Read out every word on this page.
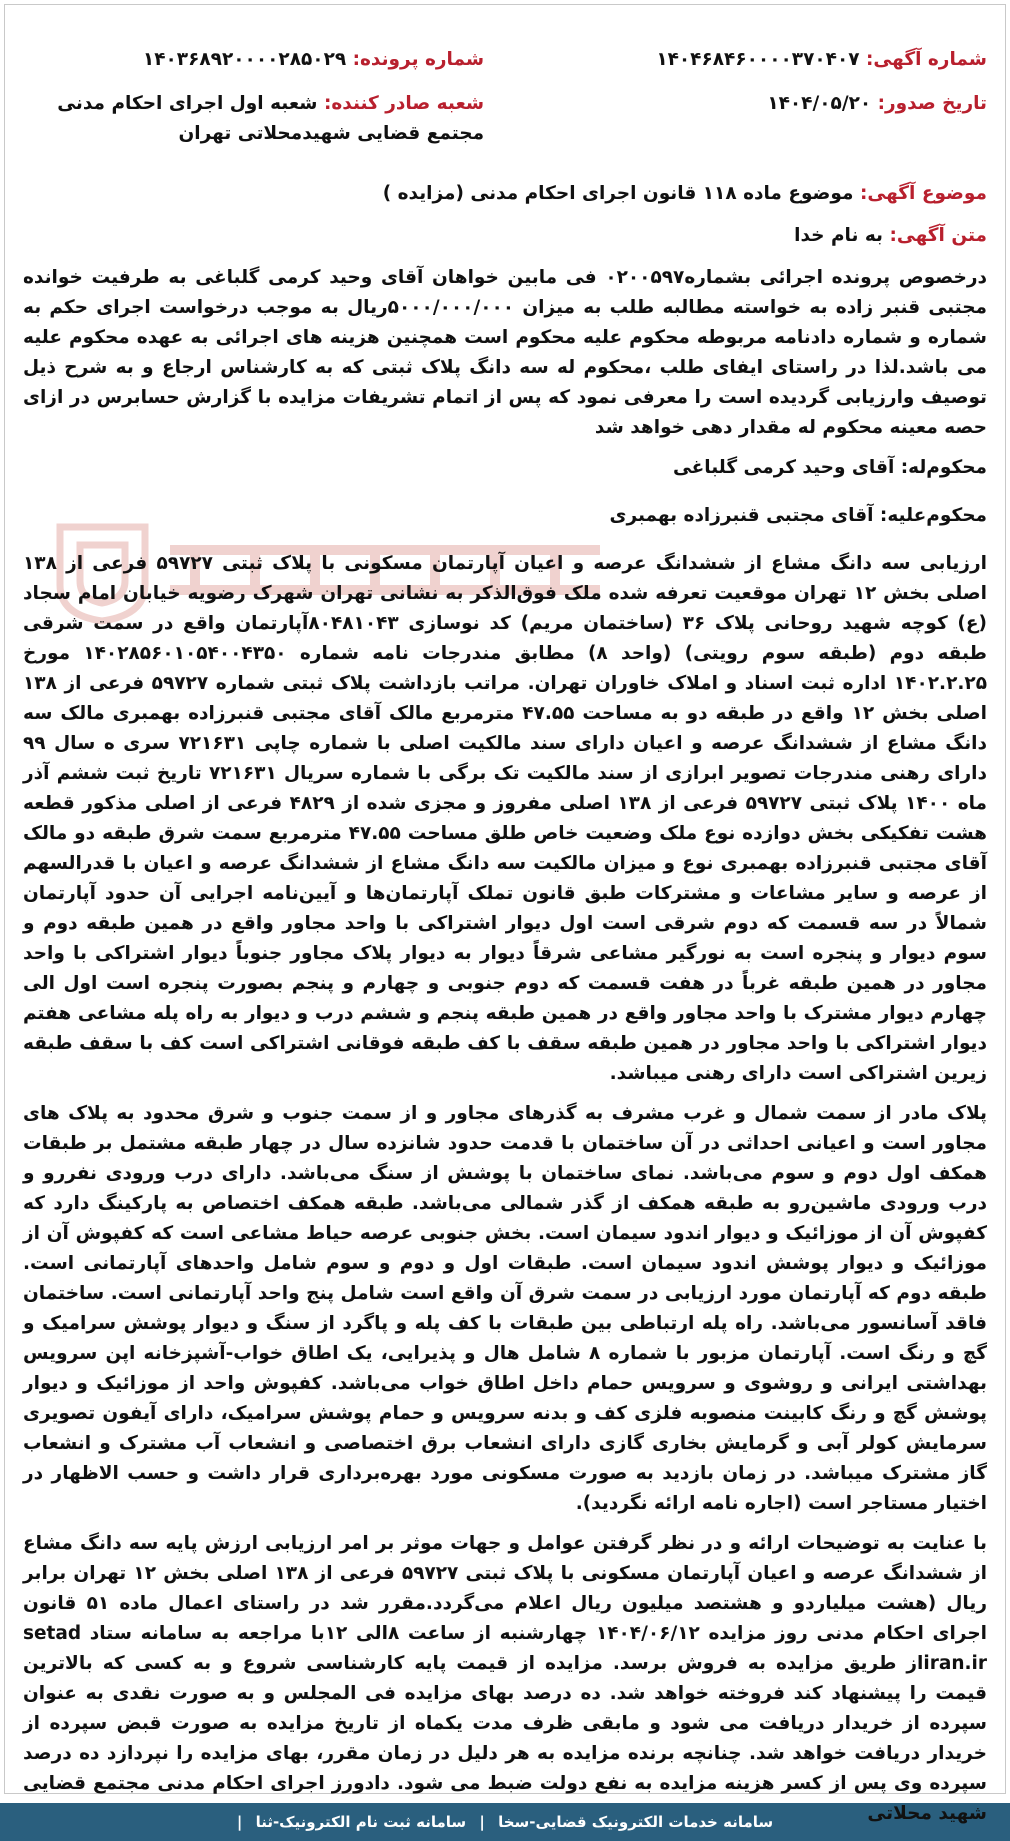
شماره آگهی: ۱۴۰۴۶۸۴۶۰۰۰۰۳۷۰۴۰۷
تاریخ صدور: ۱۴۰۴/۰۵/۲۰
شماره پرونده: ۱۴۰۳۶۸۹۲۰۰۰۰۲۸۵۰۲۹
شعبه صادر کننده: شعبه اول اجرای احکام مدنی مجتمع قضایی شهیدمحلاتی تهران
موضوع آگهی: موضوع ماده ۱۱۸ قانون اجرای احکام مدنی (مزایده )
متن آگهی: به نام خدا

درخصوص پرونده اجرائی بشماره۰۲۰۰۵۹۷ فی مابین خواهان آقای وحید کرمی گلباغی به طرفیت خوانده مجتبی قنبر زاده به خواسته مطالبه طلب به میزان ۵۰۰۰/۰۰۰/۰۰۰ریال به موجب درخواست اجرای حکم به شماره و شماره دادنامه مربوطه محکوم علیه محکوم است همچنین هزینه های اجرائی به عهده محکوم علیه می باشد.لذا در راستای ایفای طلب ،محکوم له سه دانگ پلاک ثبتی که به کارشناس ارجاع و به شرح ذیل توصیف وارزیابی گردیده است را معرفی نمود که پس از اتمام تشریفات مزایده با گزارش حسابرس در ازای حصه معینه محکوم له مقدار دهی خواهد شد

محکوم‌له: آقای وحید کرمی گلباغی
محکوم‌علیه: آقای مجتبی قنبرزاده بهمبری

ارزیابی سه دانگ مشاع از ششدانگ عرصه و اعیان آپارتمان مسکونی با پلاک ثبتی ۵۹۷۲۷ فرعی از ۱۳۸ اصلی بخش ۱۲ تهران موقعیت تعرفه شده ملک فوق‌الذکر به نشانی تهران شهرک رضویه خیابان امام سجاد (ع) کوچه شهید روحانی پلاک ۳۶ (ساختمان مریم) کد نوسازی ۸۰۴۸۱۰۴۳آپارتمان واقع در سمت شرقی طبقه دوم (طبقه سوم رویتی) (واحد ۸) مطابق مندرجات نامه شماره ۱۴۰۲۸۵۶۰۱۰۵۴۰۰۴۳۵۰ مورخ ۱۴۰۲.۲.۲۵ اداره ثبت اسناد و املاک خاوران تهران. مراتب بازداشت پلاک ثبتی شماره ۵۹۷۲۷ فرعی از ۱۳۸ اصلی بخش ۱۲ واقع در طبقه دو به مساحت ۴۷.۵۵ مترمربع مالک آقای مجتبی قنبرزاده بهمبری مالک سه دانگ مشاع از ششدانگ عرصه و اعیان دارای سند مالکیت اصلی با شماره چاپی ۷۲۱۶۳۱ سری ه سال ۹۹ دارای رهنی مندرجات تصویر ابرازی از سند مالکیت تک برگی با شماره سریال ۷۲۱۶۳۱ تاریخ ثبت ششم آذر ماه ۱۴۰۰ پلاک ثبتی ۵۹۷۲۷ فرعی از ۱۳۸ اصلی مفروز و مجزی شده از ۴۸۲۹ فرعی از اصلی مذکور قطعه هشت تفکیکی بخش دوازده نوع ملک وضعیت خاص طلق مساحت ۴۷.۵۵ مترمربع سمت شرق طبقه دو مالک آقای مجتبی قنبرزاده بهمبری نوع و میزان مالکیت سه دانگ مشاع از ششدانگ عرصه و اعیان با قدرالسهم از عرصه و سایر مشاعات و مشترکات طبق قانون تملک آپارتمان‌ها و آیین‌نامه اجرایی آن حدود آپارتمان شمالاً در سه قسمت که دوم شرقی است اول دیوار اشتراکی با واحد مجاور واقع در همین طبقه دوم و سوم دیوار و پنجره است به نورگیر مشاعی شرقاً دیوار به دیوار پلاک مجاور جنوباً دیوار اشتراکی با واحد مجاور در همین طبقه غرباً در هفت قسمت که دوم جنوبی و چهارم و پنجم بصورت پنجره است اول الی چهارم دیوار مشترک با واحد مجاور واقع در همین طبقه پنجم و ششم درب و دیوار به راه پله مشاعی هفتم دیوار اشتراکی با واحد مجاور در همین طبقه سقف با کف طبقه فوقانی اشتراکی است کف با سقف طبقه زیرین اشتراکی است دارای رهنی میباشد.

پلاک مادر از سمت شمال و غرب مشرف به گذرهای مجاور و از سمت جنوب و شرق محدود به پلاک های مجاور است و اعیانی احداثی در آن ساختمان با قدمت حدود شانزده سال در چهار طبقه مشتمل بر طبقات همکف اول دوم و سوم می‌باشد. نمای ساختمان با پوشش از سنگ می‌باشد. دارای درب ورودی نفررو و درب ورودی ماشین‌رو به طبقه همکف از گذر شمالی می‌باشد. طبقه همکف اختصاص به پارکینگ دارد که کفپوش آن از موزائیک و دیوار اندود سیمان است. بخش جنوبی عرصه حیاط مشاعی است که کفپوش آن از موزائیک و دیوار پوشش اندود سیمان است. طبقات اول و دوم و سوم شامل واحدهای آپارتمانی است. طبقه دوم که آپارتمان مورد ارزیابی در سمت شرق آن واقع است شامل پنج واحد آپارتمانی است. ساختمان فاقد آسانسور می‌باشد. راه پله ارتباطی بین طبقات با کف پله و پاگرد از سنگ و دیوار پوشش سرامیک و گچ و رنگ است. آپارتمان مزبور با شماره ۸ شامل هال و پذیرایی، یک اطاق خواب-آشپزخانه اپن سرویس بهداشتی ایرانی و روشوی و سرویس حمام داخل اطاق خواب می‌باشد. کفپوش واحد از موزائیک و دیوار پوشش گچ و رنگ کابینت منصوبه فلزی کف و بدنه سرویس و حمام پوشش سرامیک، دارای آیفون تصویری سرمایش کولر آبی و گرمایش بخاری گازی دارای انشعاب برق اختصاصی و انشعاب آب مشترک و انشعاب گاز مشترک میباشد. در زمان بازدید به صورت مسکونی مورد بهره‌برداری قرار داشت و حسب الاظهار در اختیار مستاجر است (اجاره نامه ارائه نگردید).

با عنایت به توضیحات ارائه و در نظر گرفتن عوامل و جهات موثر بر امر ارزیابی ارزش پایه سه دانگ مشاع از ششدانگ عرصه و اعیان آپارتمان مسکونی با پلاک ثبتی ۵۹۷۲۷ فرعی از ۱۳۸ اصلی بخش ۱۲ تهران برابر ریال (هشت میلیاردو و هشتصد میلیون ریال اعلام می‌گردد.مقرر شد در راستای اعمال ماده ۵۱ قانون اجرای احکام مدنی روز مزایده ۱۴۰۴/۰۶/۱۲ چهارشنبه از ساعت ۸الی ۱۲با مراجعه به سامانه ستاد setad iran.irاز طریق مزایده به فروش برسد. مزایده از قیمت پایه کارشناسی شروع و به کسی که بالاترین قیمت را پیشنهاد کند فروخته خواهد شد. ده درصد بهای مزایده فی المجلس و به صورت نقدی به عنوان سپرده از خریدار دریافت می شود و مابقی ظرف مدت یکماه از تاریخ مزایده به صورت قبض سپرده از خریدار دریافت خواهد شد. چنانچه برنده مزایده به هر دلیل در زمان مقرر، بهای مزایده را نپردازد ده درصد سپرده وی پس از کسر هزینه مزایده به نفع دولت ضبط می شود. دادورز اجرای احکام مدنی مجتمع قضایی شهید محلاتی

سامانه خدمات الکترونیک قضایی-سخا | سامانه ثبت نام الکترونیک-ثنا |
